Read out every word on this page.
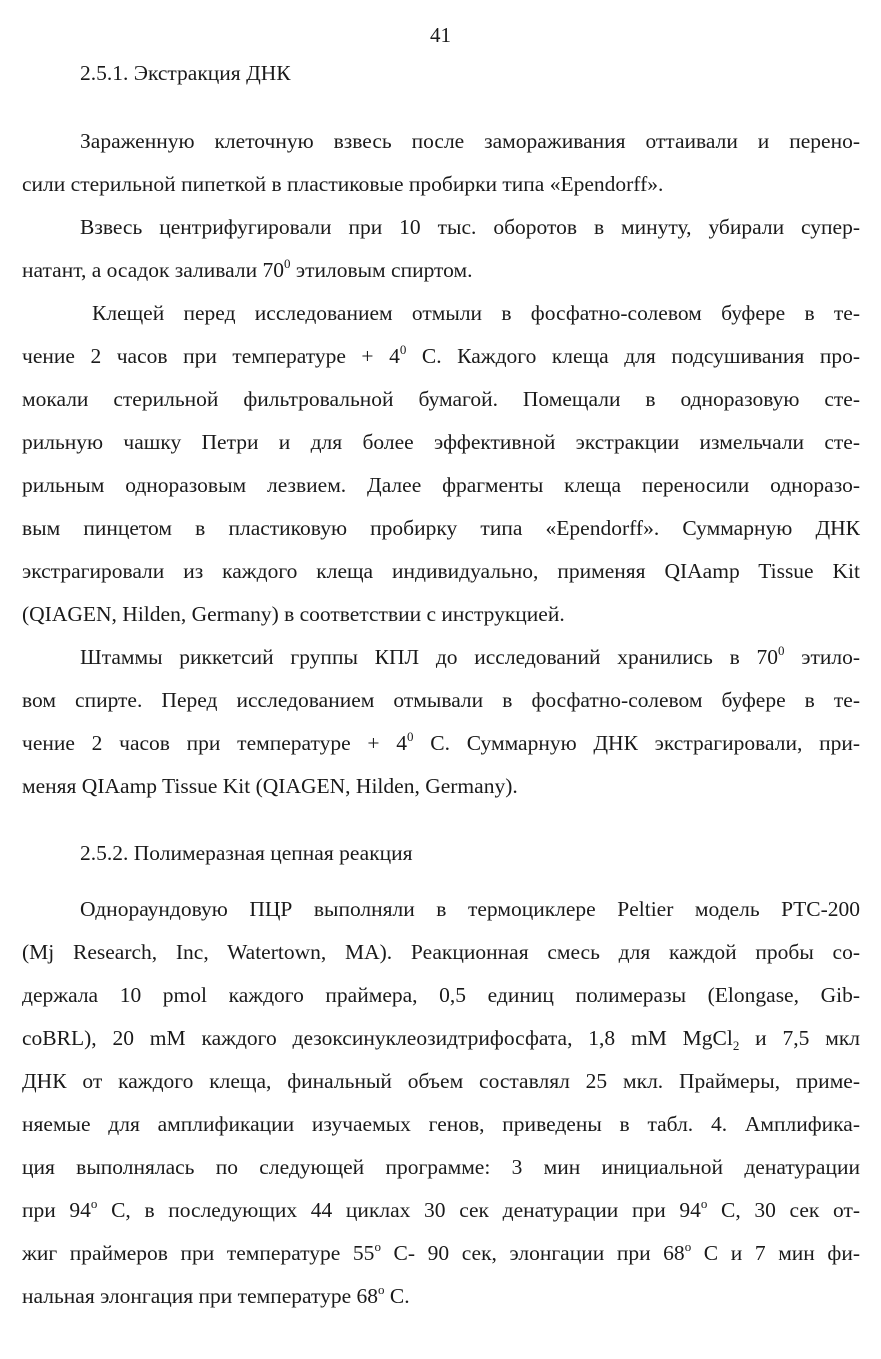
41
2.5.1. Экстракция ДНК
Зараженную клеточную взвесь после замораживания оттаивали и перено-
сили стерильной пипеткой в пластиковые пробирки типа «Ependorff».
Взвесь центрифугировали при 10 тыс. оборотов в минуту, убирали супер-
натант, а осадок заливали $70^0$ этиловым спиртом.
Клещей перед исследованием отмыли в фосфатно-солевом буфере в те-
чение 2 часов при температуре + $4^0$ С. Каждого клеща для подсушивания про-
мокали стерильной фильтровальной бумагой. Помещали в одноразовую сте-
рильную чашку Петри и для более эффективной экстракции измельчали сте-
рильным одноразовым лезвием. Далее фрагменты клеща переносили одноразо-
вым пинцетом в пластиковую пробирку типа «Ependorff». Суммарную ДНК
экстрагировали из каждого клеща индивидуально, применяя QIAamp Tissue Kit
(QIAGEN, Hilden, Germany) в соответствии с инструкцией.
Штаммы риккетсий группы КПЛ до исследований хранились в $70^0$ этило-
вом спирте. Перед исследованием отмывали в фосфатно-солевом буфере в те-
чение 2 часов при температуре + $4^0$ С. Суммарную ДНК экстрагировали, при-
меняя QIAamp Tissue Kit (QIAGEN, Hilden, Germany).
2.5.2. Полимеразная цепная реакция
Однораундовую ПЦР выполняли в термоциклере Peltier модель PTC-200
(Mj Research, Inc, Watertown, MA). Реакционная смесь для каждой пробы со-
держала 10 pmol каждого праймера, 0,5 единиц полимеразы (Elongase, Gib-
coBRL), 20 mM каждого дезоксинуклеозидтрифосфата, 1,8 mM MgCl$_2$ и 7,5 мкл
ДНК от каждого клеща, финальный объем составлял 25 мкл. Праймеры, приме-
няемые для амплификации изучаемых генов, приведены в табл. 4. Амплифика-
ция выполнялась по следующей программе: 3 мин инициальной денатурации
при 94$^o$ С, в последующих 44 циклах 30 сек денатурации при 94$^o$ С, 30 сек от-
жиг праймеров при температуре 55$^o$ С- 90 сек, элонгации при 68$^o$ С и 7 мин фи-
нальная элонгация при температуре 68$^o$ С.
